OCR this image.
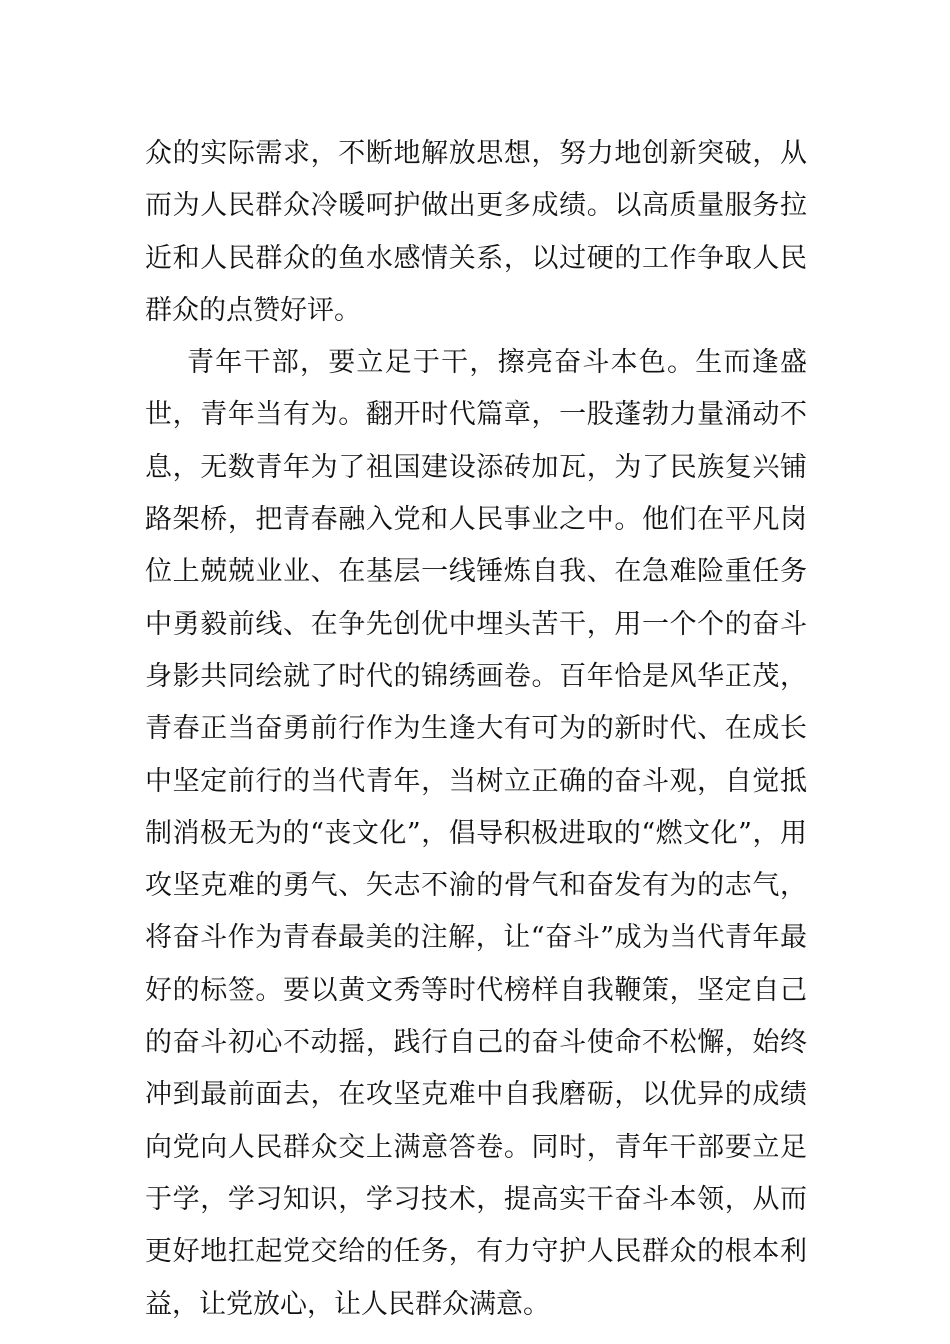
众的实际需求，不断地解放思想，努力地创新突破，从而为人民群众冷暖呵护做出更多成绩。以高质量服务拉近和人民群众的鱼水感情关系，以过硬的工作争取人民群众的点赞好评。

青年干部，要立足于干，擦亮奋斗本色。生而逢盛世，青年当有为。翻开时代篇章，一股蓬勃力量涌动不息，无数青年为了祖国建设添砖加瓦，为了民族复兴铺路架桥，把青春融入党和人民事业之中。他们在平凡岗位上兢兢业业、在基层一线锤炼自我、在急难险重任务中勇毅前线、在争先创优中埋头苦干，用一个个的奋斗身影共同绘就了时代的锦绣画卷。百年恰是风华正茂，青春正当奋勇前行作为生逢大有可为的新时代、在成长中坚定前行的当代青年，当树立正确的奋斗观，自觉抵制消极无为的“丧文化”，倡导积极进取的“燃文化”，用攻坚克难的勇气、矢志不渝的骨气和奋发有为的志气，将奋斗作为青春最美的注解，让“奋斗”成为当代青年最好的标签。要以黄文秀等时代榜样自我鞭策，坚定自己的奋斗初心不动摇，践行自己的奋斗使命不松懈，始终冲到最前面去，在攻坚克难中自我磨砺，以优异的成绩向党向人民群众交上满意答卷。同时，青年干部要立足于学，学习知识，学习技术，提高实干奋斗本领，从而更好地扛起党交给的任务，有力守护人民群众的根本利益，让党放心，让人民群众满意。
